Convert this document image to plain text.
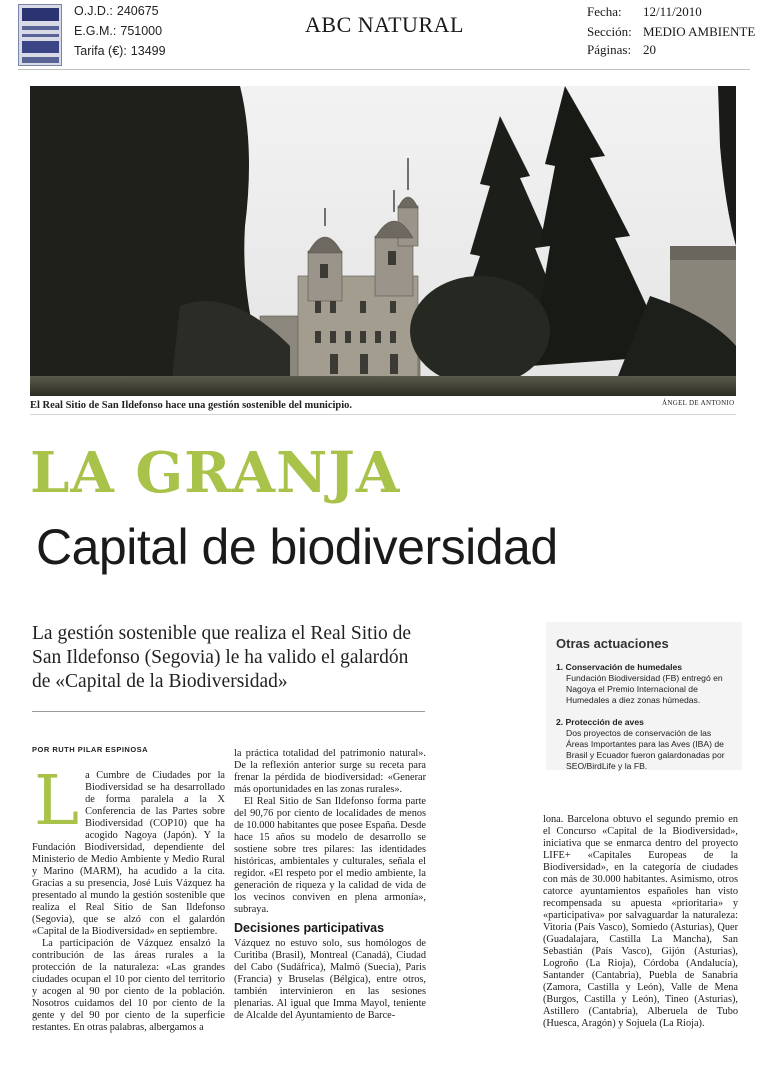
O.J.D.: 240675
E.G.M.: 751000
Tarifa (€): 13499
ABC NATURAL
Fecha: 12/11/2010
Sección: MEDIO AMBIENTE
Páginas: 20
El Real Sitio de San Ildefonso hace una gestión sostenible del municipio.	ÁNGEL DE ANTONIO
LA GRANJA
Capital de biodiversidad
La gestión sostenible que realiza el Real Sitio de San Ildefonso (Segovia) le ha valido el galardón de «Capital de la Biodiversidad»
Otras actuaciones
1. Conservación de humedales
Fundación Biodiversidad (FB) entregó en Nagoya el Premio Internacional de Humedales a diez zonas húmedas.
2. Protección de aves
Dos proyectos de conservación de las Áreas Importantes para las Aves (IBA) de Brasil y Ecuador fueron galardonadas por SEO/BirdLife y la FB.
POR RUTH PILAR ESPINOSA

La Cumbre de Ciudades por la Biodiversidad se ha desarrollado de forma paralela a la X Conferencia de las Partes sobre Biodiversidad (COP10) que ha acogido Nagoya (Japón). Y la Fundación Biodiversidad, dependiente del Ministerio de Medio Ambiente y Medio Rural y Marino (MARM), ha acudido a la cita. Gracias a su presencia, José Luis Vázquez ha presentado al mundo la gestión sostenible que realiza el Real Sitio de San Ildefonso (Segovia), que se alzó con el galardón «Capital de la Biodiversidad» en septiembre.

La participación de Vázquez ensalzó la contribución de las áreas rurales a la protección de la naturaleza: «Las grandes ciudades ocupan el 10 por ciento del territorio y acogen al 90 por ciento de la población. Nosotros cuidamos del 10 por ciento de la gente y del 90 por ciento de la superficie restantes. En otras palabras, albergamos a

la práctica totalidad del patrimonio natural». De la reflexión anterior surge su receta para frenar la pérdida de biodiversidad: «Generar más oportunidades en las zonas rurales».

El Real Sitio de San Ildefonso forma parte del 90,76 por ciento de localidades de menos de 10.000 habitantes que posee España. Desde hace 15 años su modelo de desarrollo se sostiene sobre tres pilares: las identidades históricas, ambientales y culturales, señala el regidor. «El respeto por el medio ambiente, la generación de riqueza y la calidad de vida de los vecinos conviven en plena armonía», subraya.

Decisiones participativas

Vázquez no estuvo solo, sus homólogos de Curitiba (Brasil), Montreal (Canadá), Ciudad del Cabo (Sudáfrica), Malmö (Suecia), Paris (Francia) y Bruselas (Bélgica), entre otros, también intervinieron en las sesiones plenarias. Al igual que Imma Mayol, teniente de Alcalde del Ayuntamiento de Barce-

lona. Barcelona obtuvo el segundo premio en el Concurso «Capital de la Biodiversidad», iniciativa que se enmarca dentro del proyecto LIFE+ «Capitales Europeas de la Biodiversidad», en la categoría de ciudades con más de 30.000 habitantes. Asimismo, otros catorce ayuntamientos españoles han visto recompensada su apuesta «prioritaria» y «participativa» por salvaguardar la naturaleza: Vitoria (País Vasco), Somiedo (Asturias), Quer (Guadalajara, Castilla La Mancha), San Sebastián (País Vasco), Gijón (Asturias), Logroño (La Rioja), Córdoba (Andalucía), Santander (Cantabria), Puebla de Sanabria (Zamora, Castilla y León), Valle de Mena (Burgos, Castilla y León), Tineo (Asturias), Astillero (Cantabria), Alberuela de Tubo (Huesca, Aragón) y Sojuela (La Rioja).
